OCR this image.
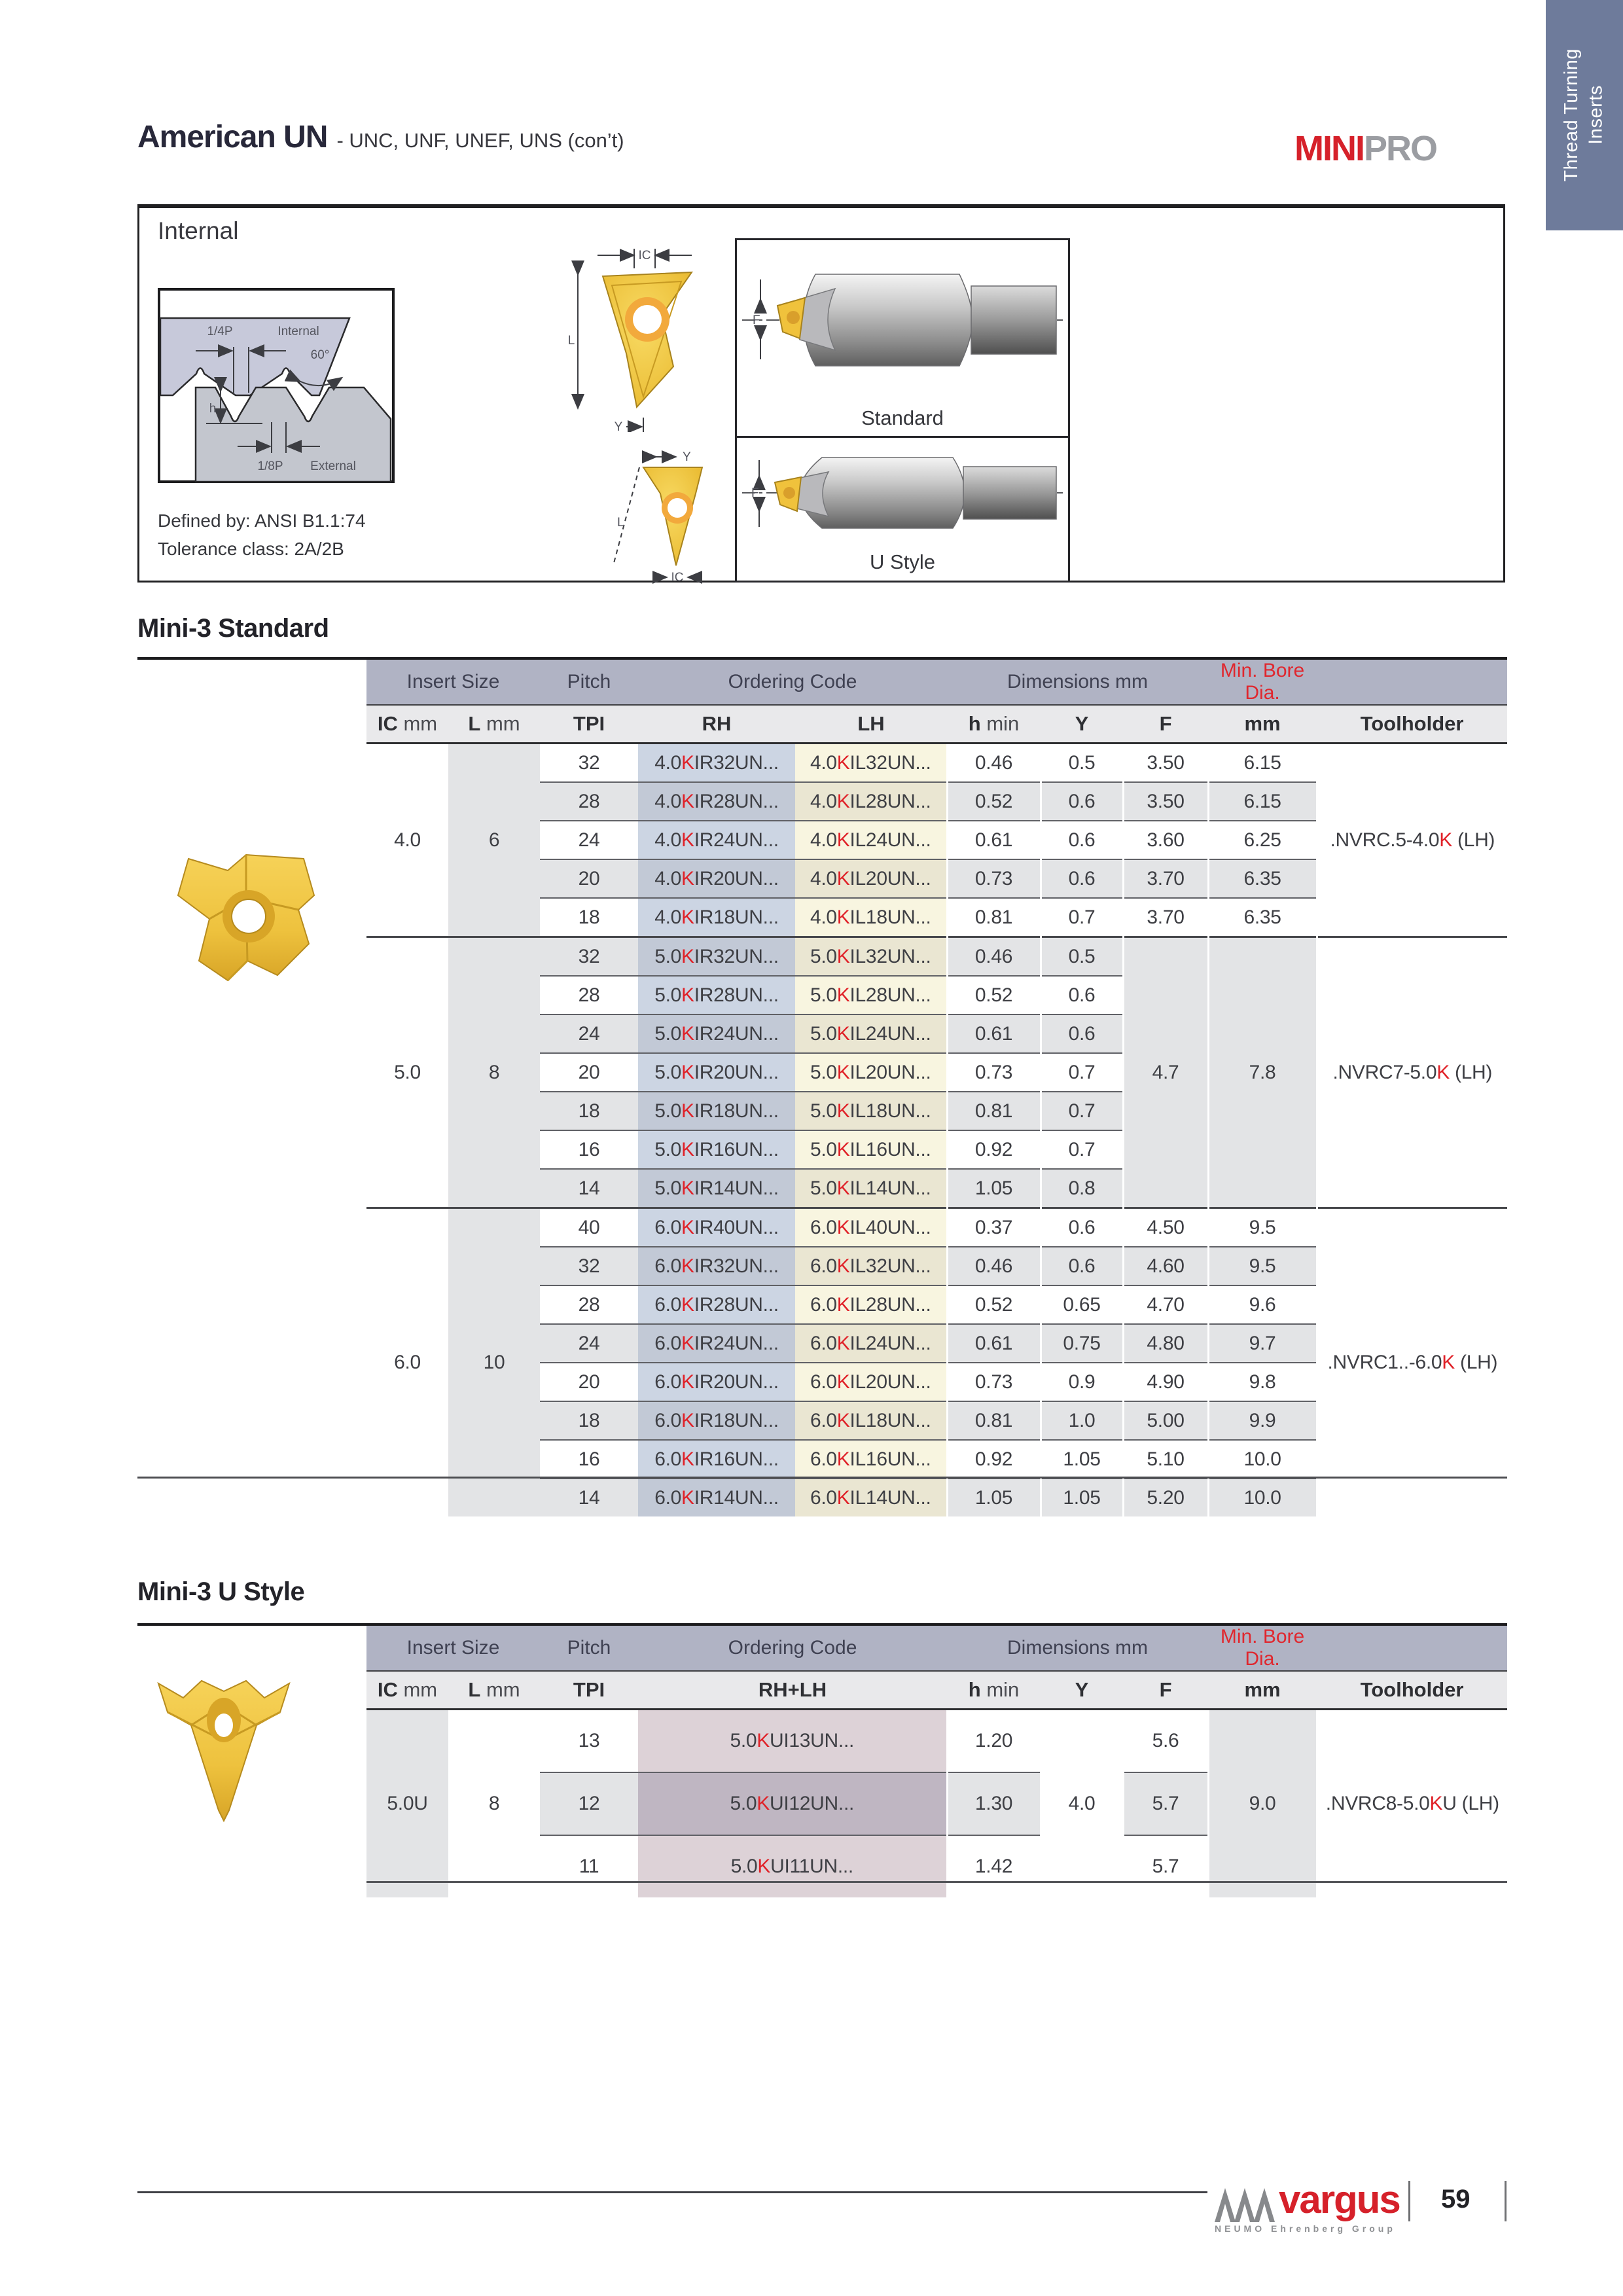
Thread Turning Inserts
American UN - UNC, UNF, UNEF, UNS (con’t)	MINIPRO
Internal
1/4P	Internal
60°
h
1/8P External
Defined by: ANSI B1.1:74
Tolerance class: 2A/2B
IC
L
Y
F
Standard
Y
L
IC
F
U Style
Mini-3 Standard
Insert Size		Pitch	Ordering Code		Dimensions mm			Min. Bore Dia.	
IC mm	L mm	TPI	RH	LH	h min	Y	F	mm	Toolholder
4.0	6	32	4.0KIR32UN...	4.0KIL32UN...	0.46	0.5	3.50	6.15	.NVRC.5-4.0K (LH)
		28	4.0KIR28UN...	4.0KIL28UN...	0.52	0.6	3.50	6.15	
		24	4.0KIR24UN...	4.0KIL24UN...	0.61	0.6	3.60	6.25	
		20	4.0KIR20UN...	4.0KIL20UN...	0.73	0.6	3.70	6.35	
		18	4.0KIR18UN...	4.0KIL18UN...	0.81	0.7	3.70	6.35	
5.0	8	32	5.0KIR32UN...	5.0KIL32UN...	0.46	0.5	4.7	7.8	.NVRC7-5.0K (LH)
		28	5.0KIR28UN...	5.0KIL28UN...	0.52	0.6			
		24	5.0KIR24UN...	5.0KIL24UN...	0.61	0.6			
		20	5.0KIR20UN...	5.0KIL20UN...	0.73	0.7			
		18	5.0KIR18UN...	5.0KIL18UN...	0.81	0.7			
		16	5.0KIR16UN...	5.0KIL16UN...	0.92	0.7			
		14	5.0KIR14UN...	5.0KIL14UN...	1.05	0.8			
6.0	10	40	6.0KIR40UN...	6.0KIL40UN...	0.37	0.6	4.50	9.5	.NVRC1..-6.0K (LH)
		32	6.0KIR32UN...	6.0KIL32UN...	0.46	0.6	4.60	9.5	
		28	6.0KIR28UN...	6.0KIL28UN...	0.52	0.65	4.70	9.6	
		24	6.0KIR24UN...	6.0KIL24UN...	0.61	0.75	4.80	9.7	
		20	6.0KIR20UN...	6.0KIL20UN...	0.73	0.9	4.90	9.8	
		18	6.0KIR18UN...	6.0KIL18UN...	0.81	1.0	5.00	9.9	
		16	6.0KIR16UN...	6.0KIL16UN...	0.92	1.05	5.10	10.0	
		14	6.0KIR14UN...	6.0KIL14UN...	1.05	1.05	5.20	10.0	
Mini-3 U Style
Insert Size		Pitch	Ordering Code	Dimensions mm			Min. Bore Dia.	
IC mm	L mm	TPI	RH+LH	h min	Y	F	mm	Toolholder
5.0U	8	13	5.0KUI13UN...	1.20	4.0	5.6	9.0	.NVRC8-5.0KU (LH)
		12	5.0KUI12UN...	1.30		5.7		
		11	5.0KUI11UN...	1.42		5.7		
vargus
NEUMO Ehrenberg Group
59
